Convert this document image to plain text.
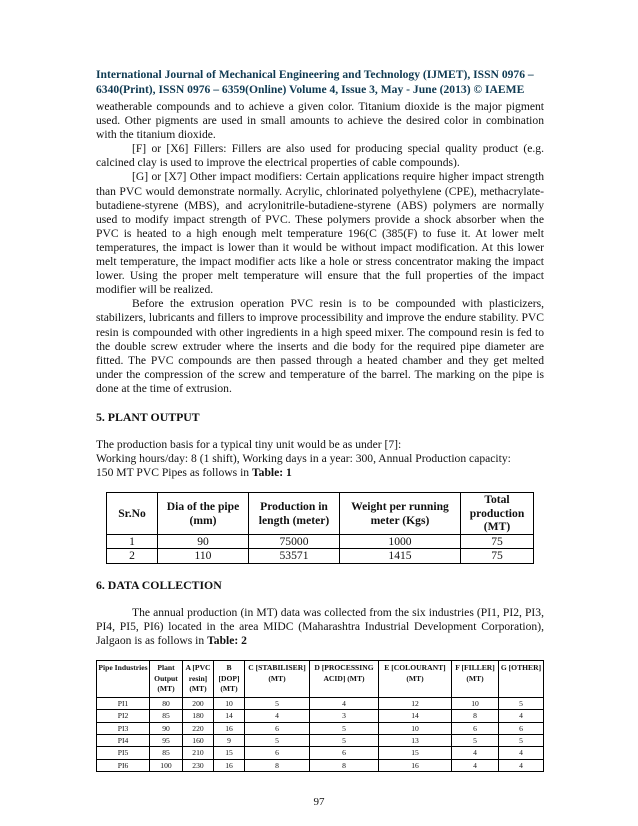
International Journal of Mechanical Engineering and Technology (IJMET), ISSN 0976 –
6340(Print), ISSN 0976 – 6359(Online) Volume 4, Issue 3, May - June (2013) © IAEME

weatherable compounds and to achieve a given color. Titanium dioxide is the major pigment used. Other pigments are used in small amounts to achieve the desired color in combination with the titanium dioxide.

[F] or [X6] Fillers: Fillers are also used for producing special quality product (e.g. calcined clay is used to improve the electrical properties of cable compounds).

[G] or [X7] Other impact modifiers: Certain applications require higher impact strength than PVC would demonstrate normally. Acrylic, chlorinated polyethylene (CPE), methacrylate-butadiene-styrene (MBS), and acrylonitrile-butadiene-styrene (ABS) polymers are normally used to modify impact strength of PVC. These polymers provide a shock absorber when the PVC is heated to a high enough melt temperature 196(C (385(F) to fuse it. At lower melt temperatures, the impact is lower than it would be without impact modification. At this lower melt temperature, the impact modifier acts like a hole or stress concentrator making the impact lower. Using the proper melt temperature will ensure that the full properties of the impact modifier will be realized.

Before the extrusion operation PVC resin is to be compounded with plasticizers, stabilizers, lubricants and fillers to improve processibility and improve the endure stability. PVC resin is compounded with other ingredients in a high speed mixer. The compound resin is fed to the double screw extruder where the inserts and die body for the required pipe diameter are fitted. The PVC compounds are then passed through a heated chamber and they get melted under the compression of the screw and temperature of the barrel. The marking on the pipe is done at the time of extrusion.

5. PLANT OUTPUT

The production basis for a typical tiny unit would be as under [7]:

Working hours/day: 8 (1 shift), Working days in a year: 300, Annual Production capacity:

150 MT PVC Pipes as follows in Table: 1

Sr.No	Dia of the pipe (mm)	Production in length (meter)	Weight per running meter (Kgs)	Total production (MT)
1	90	75000	1000	75
2	110	53571	1415	75
6. DATA COLLECTION

The annual production (in MT) data was collected from the six industries (PI1, PI2, PI3, PI4, PI5, PI6) located in the area MIDC (Maharashtra Industrial Development Corporation), Jalgaon is as follows in Table: 2

Pipe Industries	Plant Output (MT)	A [PVC resin] (MT)	B [DOP] (MT)	C [STABILISER] (MT)	D [PROCESSING ACID] (MT)	E [COLOURANT] (MT)	F [FILLER] (MT)	G [OTHER]
PI1	80	200	10	5	4	12	10	5
PI2	85	180	14	4	3	14	8	4
PI3	90	220	16	6	5	10	6	6
PI4	95	160	9	5	5	13	5	5
PI5	85	210	15	6	6	15	4	4
PI6	100	230	16	8	8	16	4	4
97
